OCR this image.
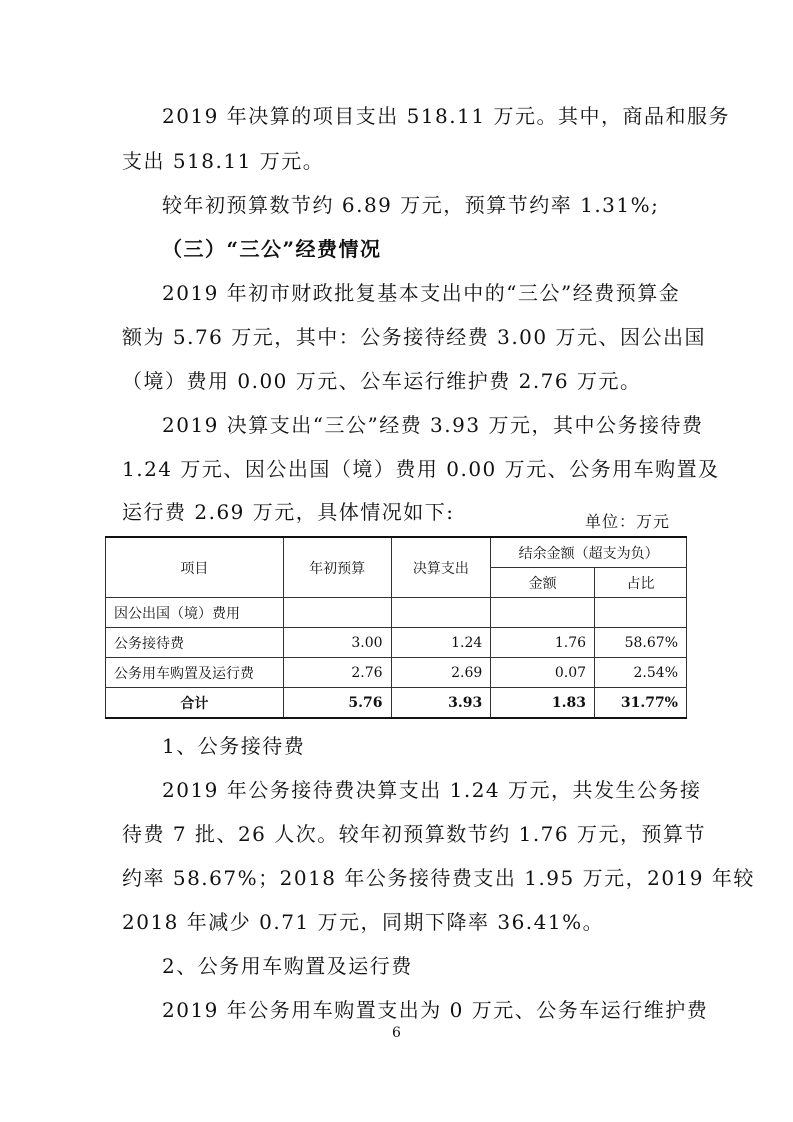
2019 年决算的项目支出 518.11 万元。其中，商品和服务
支出 518.11 万元。
较年初预算数节约 6.89 万元，预算节约率 1.31%;
（三）“三公”经费情况
2019 年初市财政批复基本支出中的“三公”经费预算金
额为 5.76 万元，其中：公务接待经费 3.00 万元、因公出国
（境）费用 0.00 万元、公车运行维护费 2.76 万元。
2019 决算支出“三公”经费 3.93 万元，其中公务接待费
1.24 万元、因公出国（境）费用 0.00 万元、公务用车购置及
运行费 2.69 万元，具体情况如下:	单位：万元
项目	年初预算	决算支出	结余金额（超支为负）	
			金额	占比
因公出国（境）费用				
公务接待费	3.00	1.24	1.76	58.67%
公务用车购置及运行费	2.76	2.69	0.07	2.54%
合计	5.76	3.93	1.83	31.77%
1、公务接待费
2019 年公务接待费决算支出 1.24 万元，共发生公务接
待费 7 批、26 人次。较年初预算数节约 1.76 万元，预算节
约率 58.67%；2018 年公务接待费支出 1.95 万元，2019 年较
2018 年减少 0.71 万元，同期下降率 36.41%。
2、公务用车购置及运行费
2019 年公务用车购置支出为 0 万元、公务车运行维护费
6
